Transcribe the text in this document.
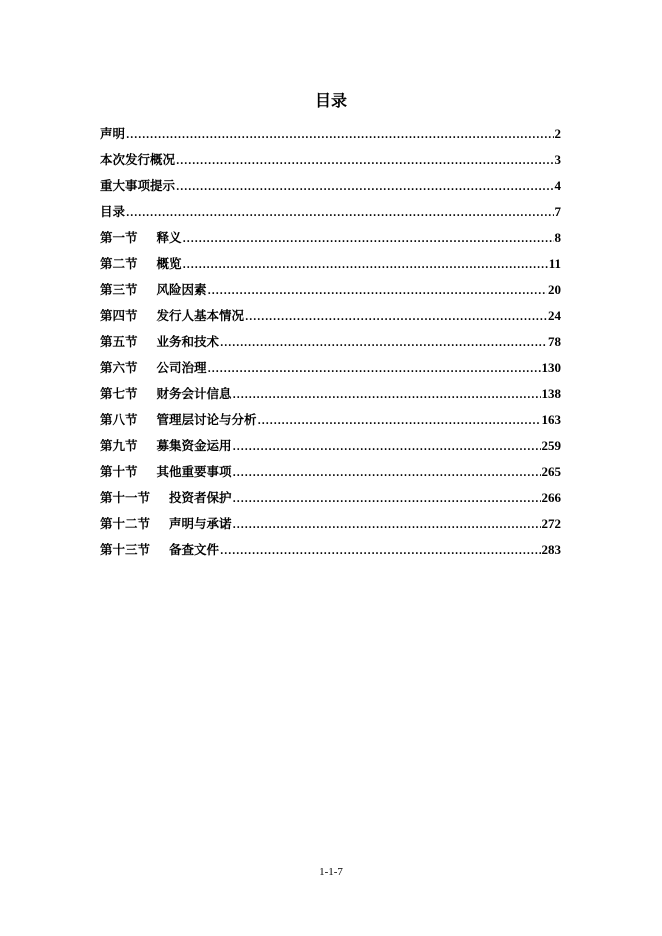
目录
声明 .....	2
本次发行概况 .....	3
重大事项提示 .....	4
目录 .....	7
第一节 释义 .....	8
第二节 概览 .....	11
第三节 风险因素 .....	20
第四节 发行人基本情况 .....	24
第五节 业务和技术 .....	78
第六节 公司治理 .....	130
第七节 财务会计信息 .....	138
第八节 管理层讨论与分析 .....	163
第九节 募集资金运用 .....	259
第十节 其他重要事项 .....	265
第十一节 投资者保护 .....	266
第十二节 声明与承诺 .....	272
第十三节 备查文件 .....	283
1-1-7
